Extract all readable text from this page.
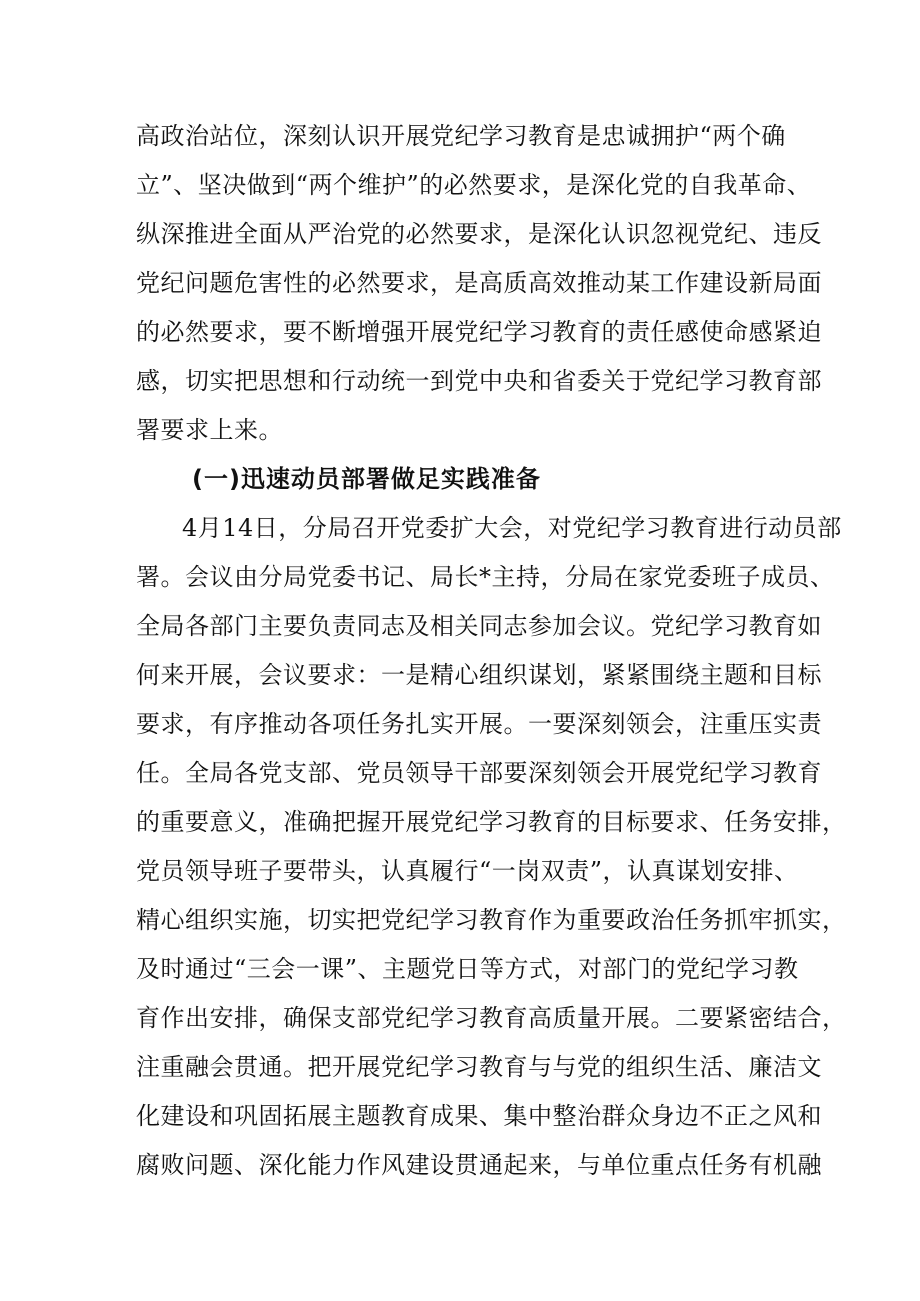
高政治站位，深刻认识开展党纪学习教育是忠诚拥护“两个确
立”、坚决做到“两个维护”的必然要求，是深化党的自我革命、
纵深推进全面从严治党的必然要求，是深化认识忽视党纪、违反
党纪问题危害性的必然要求，是高质高效推动某工作建设新局面
的必然要求，要不断增强开展党纪学习教育的责任感使命感紧迫
感，切实把思想和行动统一到党中央和省委关于党纪学习教育部
署要求上来。
(一)迅速动员部署做足实践准备
4月14日，分局召开党委扩大会，对党纪学习教育进行动员部
署。会议由分局党委书记、局长*主持，分局在家党委班子成员、
全局各部门主要负责同志及相关同志参加会议。党纪学习教育如
何来开展，会议要求：一是精心组织谋划，紧紧围绕主题和目标
要求，有序推动各项任务扎实开展。一要深刻领会，注重压实责
任。全局各党支部、党员领导干部要深刻领会开展党纪学习教育
的重要意义，准确把握开展党纪学习教育的目标要求、任务安排，
党员领导班子要带头，认真履行“一岗双责”，认真谋划安排、
精心组织实施，切实把党纪学习教育作为重要政治任务抓牢抓实，
及时通过“三会一课”、主题党日等方式，对部门的党纪学习教
育作出安排，确保支部党纪学习教育高质量开展。二要紧密结合，
注重融会贯通。把开展党纪学习教育与与党的组织生活、廉洁文
化建设和巩固拓展主题教育成果、集中整治群众身边不正之风和
腐败问题、深化能力作风建设贯通起来，与单位重点任务有机融
